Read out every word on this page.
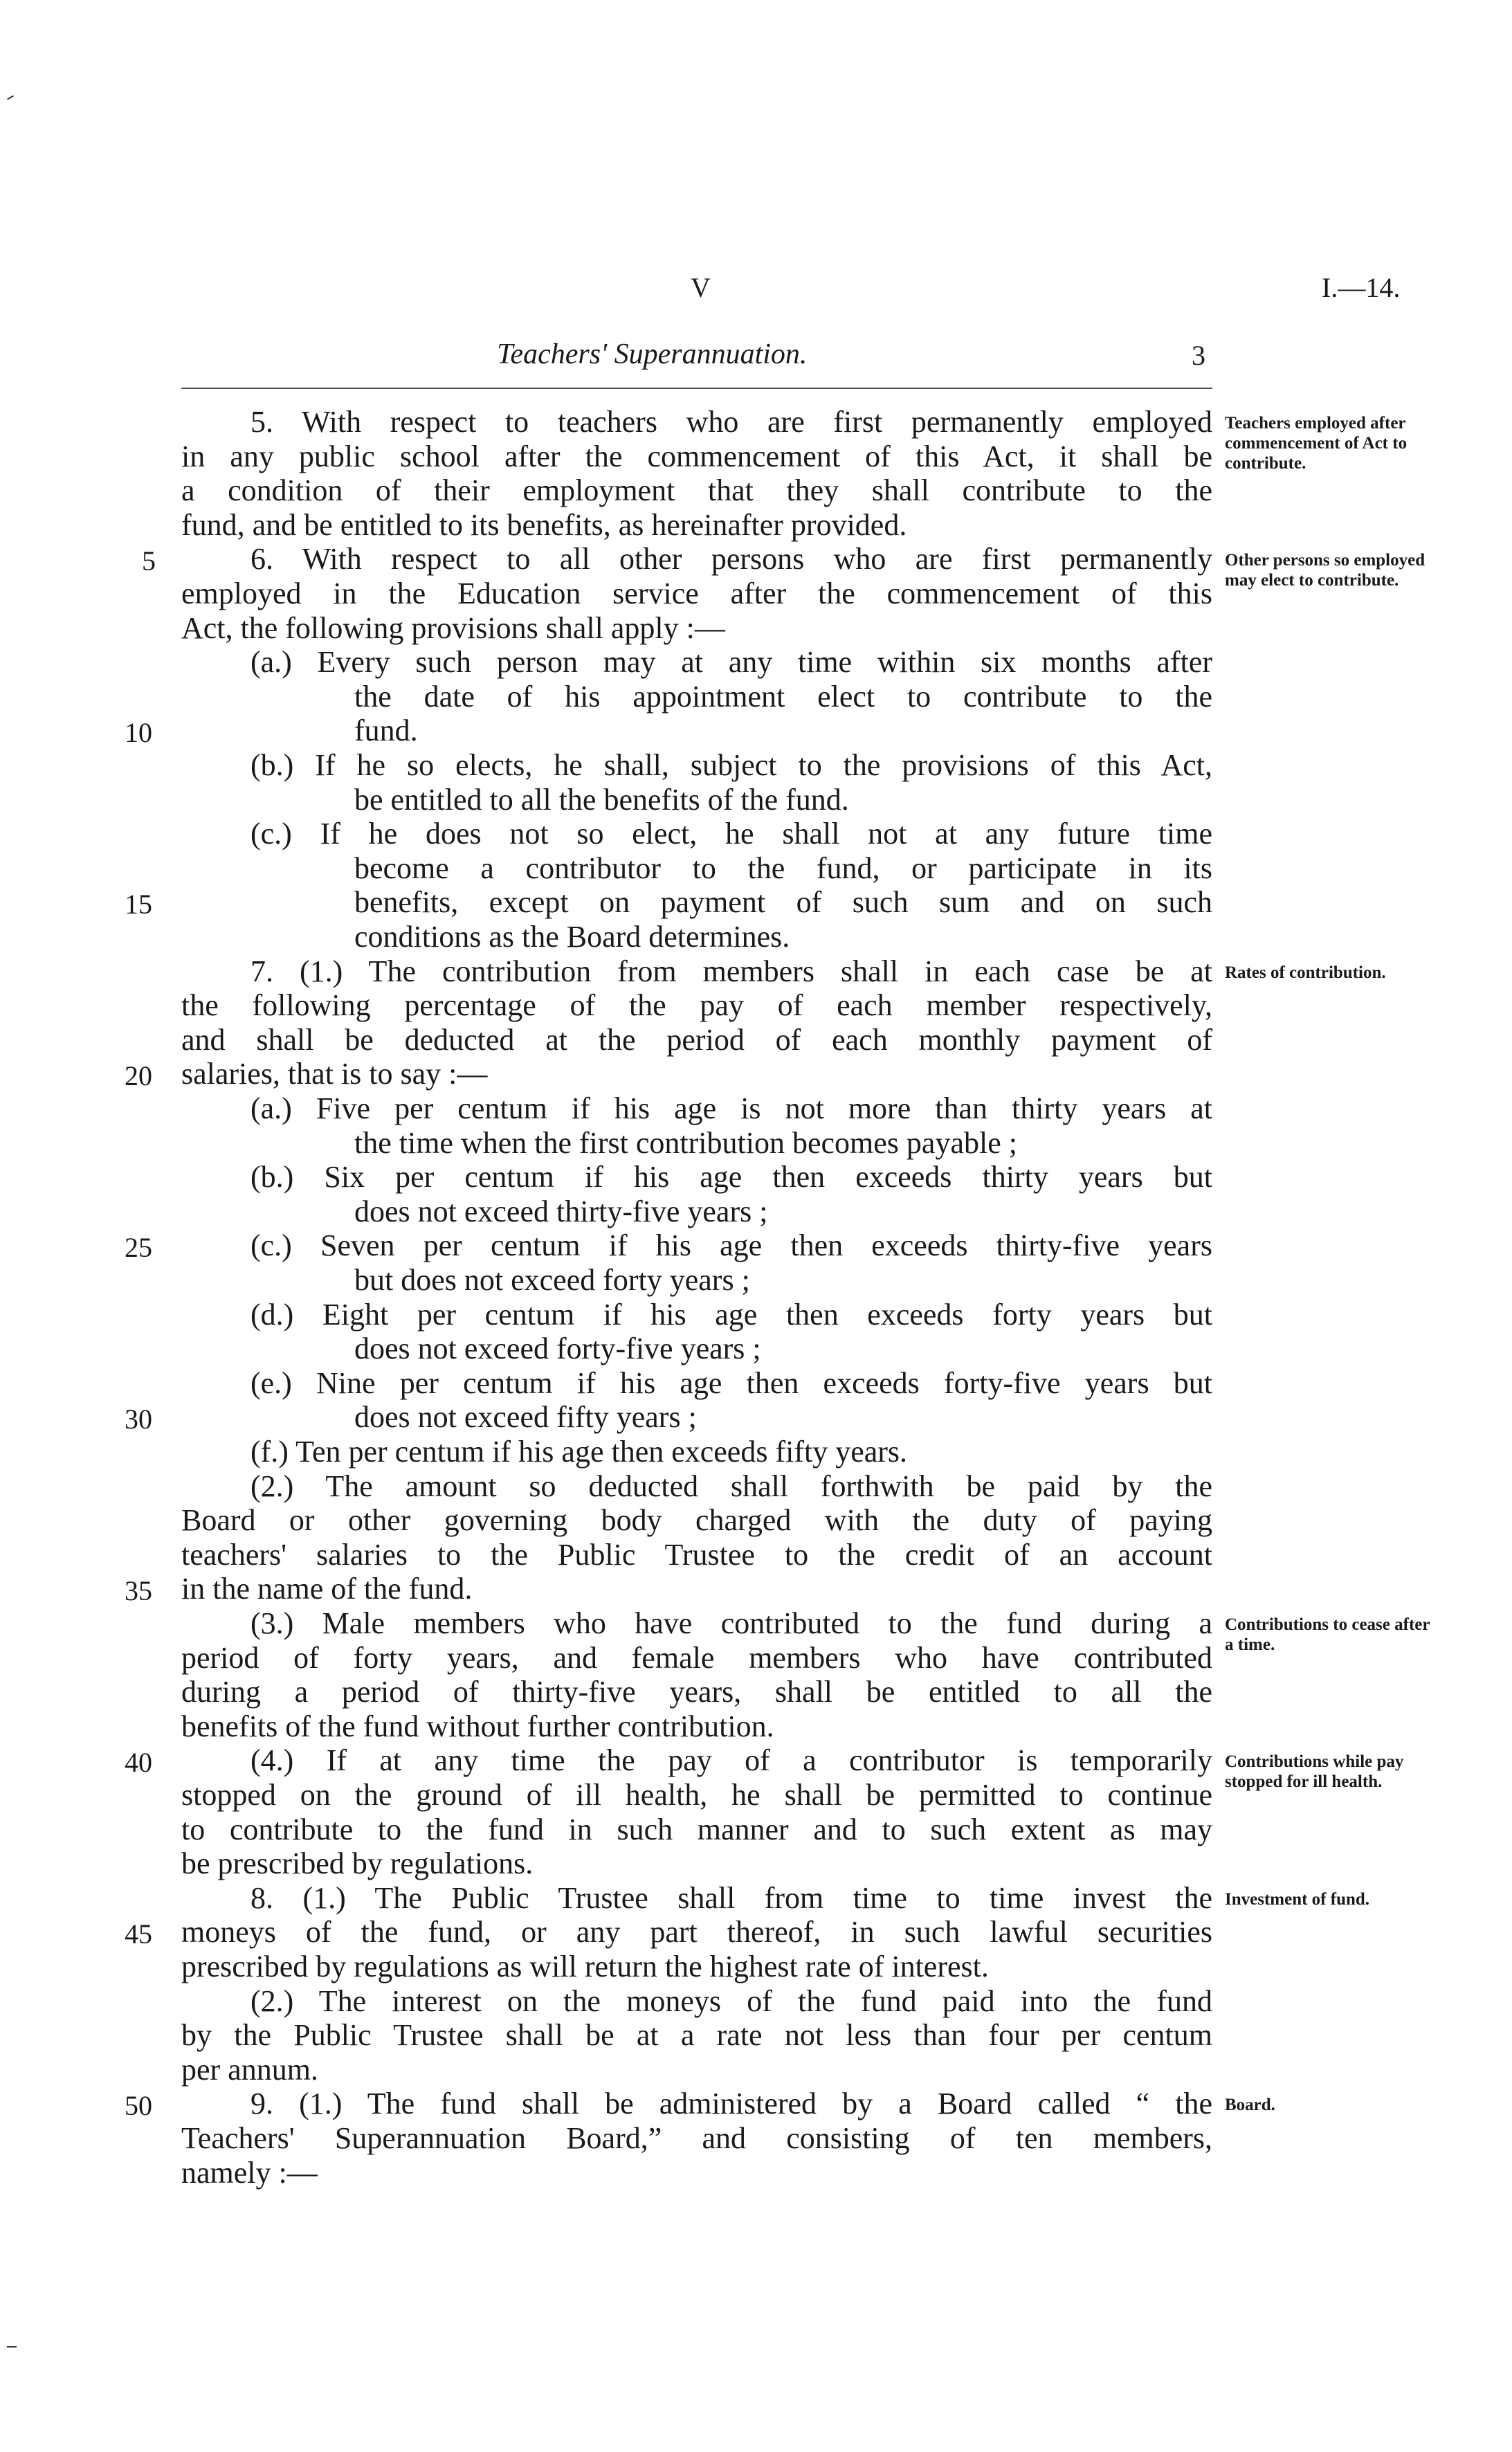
V	I.—14.
Teachers' Superannuation.	3
5. With respect to teachers who are first permanently employed
in any public school after the commencement of this Act, it shall be
a condition of their employment that they shall contribute to the
fund, and be entitled to its benefits, as hereinafter provided.
6. With respect to all other persons who are first permanently
employed in the Education service after the commencement of this
Act, the following provisions shall apply :—
(a.) Every such person may at any time within six months after
the date of his appointment elect to contribute to the
fund.
(b.) If he so elects, he shall, subject to the provisions of this Act,
be entitled to all the benefits of the fund.
(c.) If he does not so elect, he shall not at any future time
become a contributor to the fund, or participate in its
benefits, except on payment of such sum and on such
conditions as the Board determines.
7. (1.) The contribution from members shall in each case be at
the following percentage of the pay of each member respectively,
and shall be deducted at the period of each monthly payment of
salaries, that is to say :—
(a.) Five per centum if his age is not more than thirty years at
the time when the first contribution becomes payable ;
(b.) Six per centum if his age then exceeds thirty years but
does not exceed thirty-five years ;
(c.) Seven per centum if his age then exceeds thirty-five years
but does not exceed forty years ;
(d.) Eight per centum if his age then exceeds forty years but
does not exceed forty-five years ;
(e.) Nine per centum if his age then exceeds forty-five years but
does not exceed fifty years ;
(f.) Ten per centum if his age then exceeds fifty years.
(2.) The amount so deducted shall forthwith be paid by the
Board or other governing body charged with the duty of paying
teachers' salaries to the Public Trustee to the credit of an account
in the name of the fund.
(3.) Male members who have contributed to the fund during a
period of forty years, and female members who have contributed
during a period of thirty-five years, shall be entitled to all the
benefits of the fund without further contribution.
(4.) If at any time the pay of a contributor is temporarily
stopped on the ground of ill health, he shall be permitted to continue
to contribute to the fund in such manner and to such extent as may
be prescribed by regulations.
8. (1.) The Public Trustee shall from time to time invest the
moneys of the fund, or any part thereof, in such lawful securities
prescribed by regulations as will return the highest rate of interest.
(2.) The interest on the moneys of the fund paid into the fund
by the Public Trustee shall be at a rate not less than four per centum
per annum.
9. (1.) The fund shall be administered by a Board called “ the
Teachers' Superannuation Board,” and consisting of ten members,
namely :—
5
10
15
20
25
30
35
40
45
50
Teachers employed after commencement of Act to contribute.
Other persons so employed may elect to contribute.
Rates of contribution.
Contributions to cease after a time.
Contributions while pay stopped for ill health.
Investment of fund.
Board.
